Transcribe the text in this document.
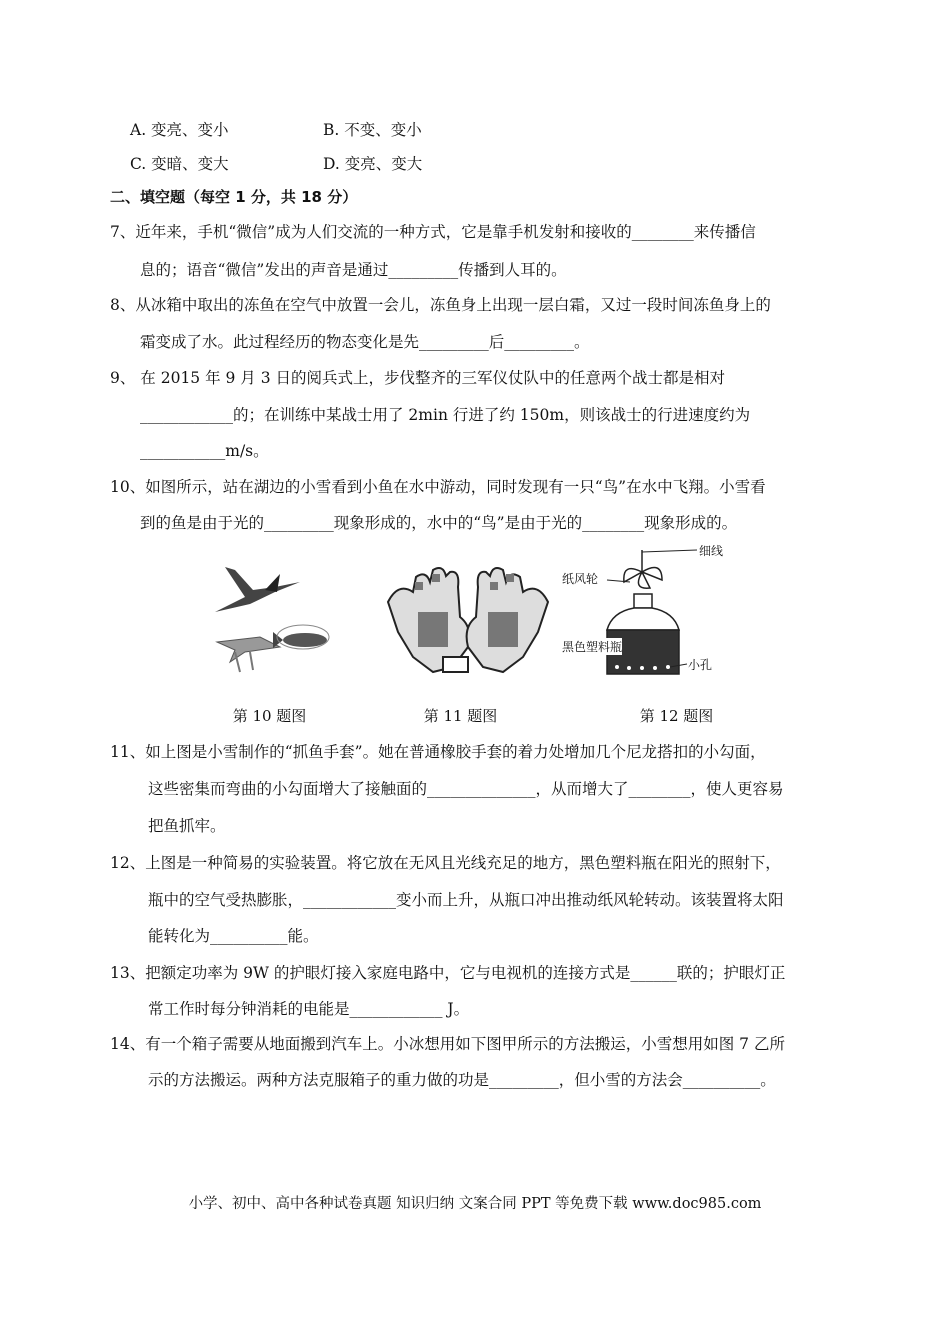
A. 变亮、变小	B. 不变、变小
C. 变暗、变大	D. 变亮、变大
二、填空题（每空 1 分，共 18 分）
7、近年来，手机“微信”成为人们交流的一种方式，它是靠手机发射和接收的________来传播信
息的；语音“微信”发出的声音是通过_________传播到人耳的。
8、从冰箱中取出的冻鱼在空气中放置一会儿，冻鱼身上出现一层白霜，又过一段时间冻鱼身上的
霜变成了水。此过程经历的物态变化是先_________后_________。
9、 在 2015 年 9 月 3 日的阅兵式上，步伐整齐的三军仪仗队中的任意两个战士都是相对
____________的；在训练中某战士用了 2min 行进了约 150m，则该战士的行进速度约为
___________m/s。
10、如图所示，站在湖边的小雪看到小鱼在水中游动，同时发现有一只“鸟”在水中飞翔。小雪看
到的鱼是由于光的_________现象形成的，水中的“鸟”是由于光的________现象形成的。
细线
纸风轮
黑色塑料瓶
小孔
第 10 题图	第 11 题图	第 12 题图
11、如上图是小雪制作的“抓鱼手套”。她在普通橡胶手套的着力处增加几个尼龙搭扣的小勾面，
这些密集而弯曲的小勾面增大了接触面的______________，从而增大了________，使人更容易
把鱼抓牢。
12、上图是一种简易的实验装置。将它放在无风且光线充足的地方，黑色塑料瓶在阳光的照射下，
瓶中的空气受热膨胀，____________变小而上升，从瓶口冲出推动纸风轮转动。该装置将太阳
能转化为__________能。
13、把额定功率为 9W 的护眼灯接入家庭电路中，它与电视机的连接方式是______联的；护眼灯正
常工作时每分钟消耗的电能是____________ J。
14、有一个箱子需要从地面搬到汽车上。小冰想用如下图甲所示的方法搬运，小雪想用如图 7 乙所
示的方法搬运。两种方法克服箱子的重力做的功是_________，但小雪的方法会__________。
小学、初中、高中各种试卷真题 知识归纳 文案合同 PPT 等免费下载 www.doc985.com
